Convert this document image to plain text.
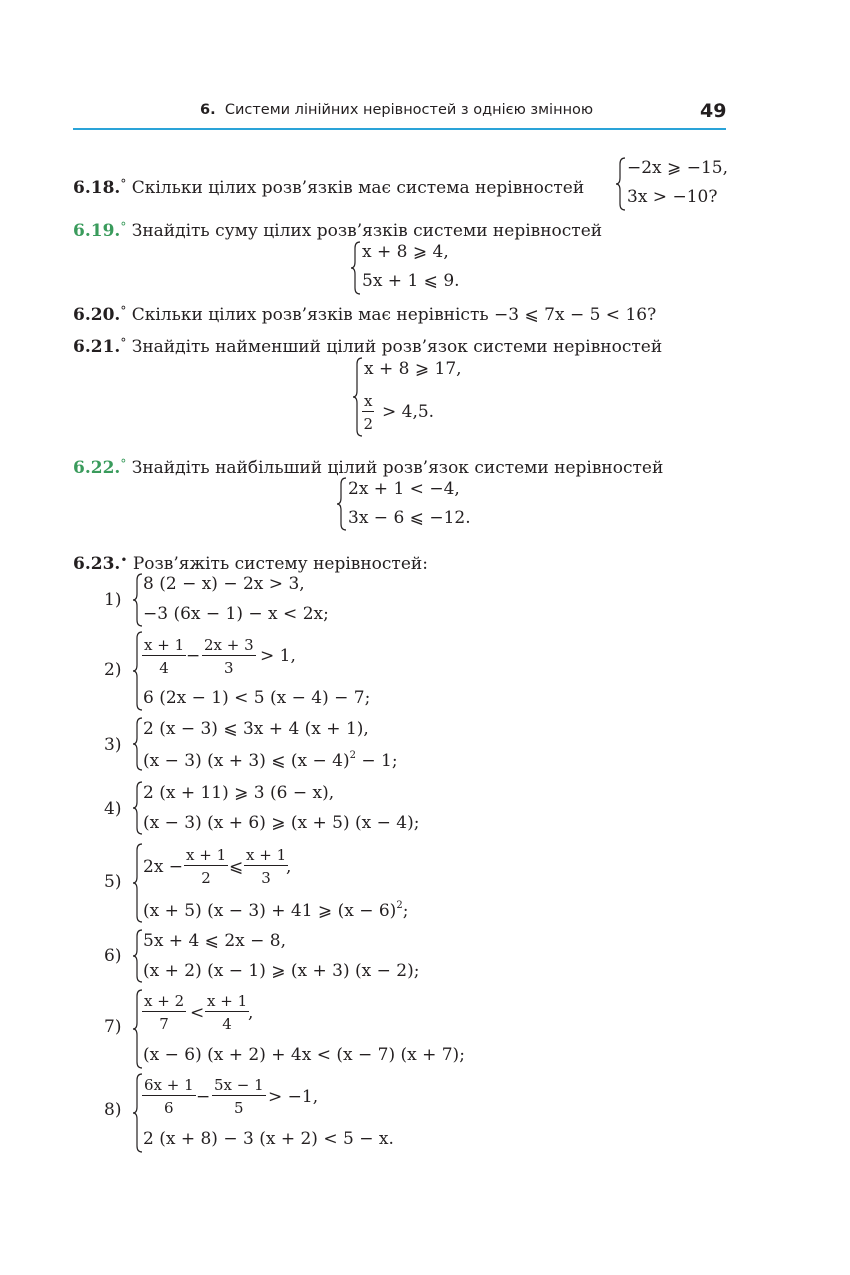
6. Системи лінійних нерівностей з однією змінною	49
6.18.° Скільки цілих розв’язків має система нерівностей
−2x ⩾ −15,
3x > −10?
6.19.° Знайдіть суму цілих розв’язків системи нерівностей
x + 8 ⩾ 4,
5x + 1 ⩽ 9.
6.20.° Скільки цілих розв’язків має нерівність −3 ⩽ 7x − 5 < 16?
6.21.° Знайдіть найменший цілий розв’язок системи нерівностей
x + 8 ⩾ 17,
$\frac{x}{2} > 4,5$.
6.22.° Знайдіть найбільший цілий розв’язок системи нерівностей
2x + 1 < −4,
3x − 6 ⩽ −12.
6.23.• Розв’яжіть систему нерівностей:
1)
8 (2 − x) − 2x > 3,
−3 (6x − 1) − x < 2x;
$2) \frac{x + 1}{4} - \frac{2x + 3}{3} > 1$,
6 (2x − 1) < 5 (x − 4) − 7;
3)
2 (x − 3) ⩽ 3x + 4 (x + 1),
(x − 3) (x + 3) ⩽ $(x - 4)^2 - 1$;
4)
2 (x + 11) ⩾ 3 (6 − x),
(x − 3) (x + 6) ⩾ (x + 5) (x − 4);
5)
$2x - \frac{x + 1}{2}$ ⩽ $\frac{x + 1}{3}$
,
(x + 5) (x − 3) + 41 ⩾ $(x - 6)^2$;
6)
5x + 4 ⩽ 2x − 8,
(x + 2) (x − 1) ⩾ (x + 3) (x − 2);
$7) \frac{x + 2}{7} < \frac{x + 1}{4}$
,
(x − 6) (x + 2) + 4x < (x − 7) (x + 7);
$8) \frac{6x + 1}{6} - \frac{5x - 1}{5} > -1$,
2 (x + 8) − 3 (x + 2) < 5 − x.
